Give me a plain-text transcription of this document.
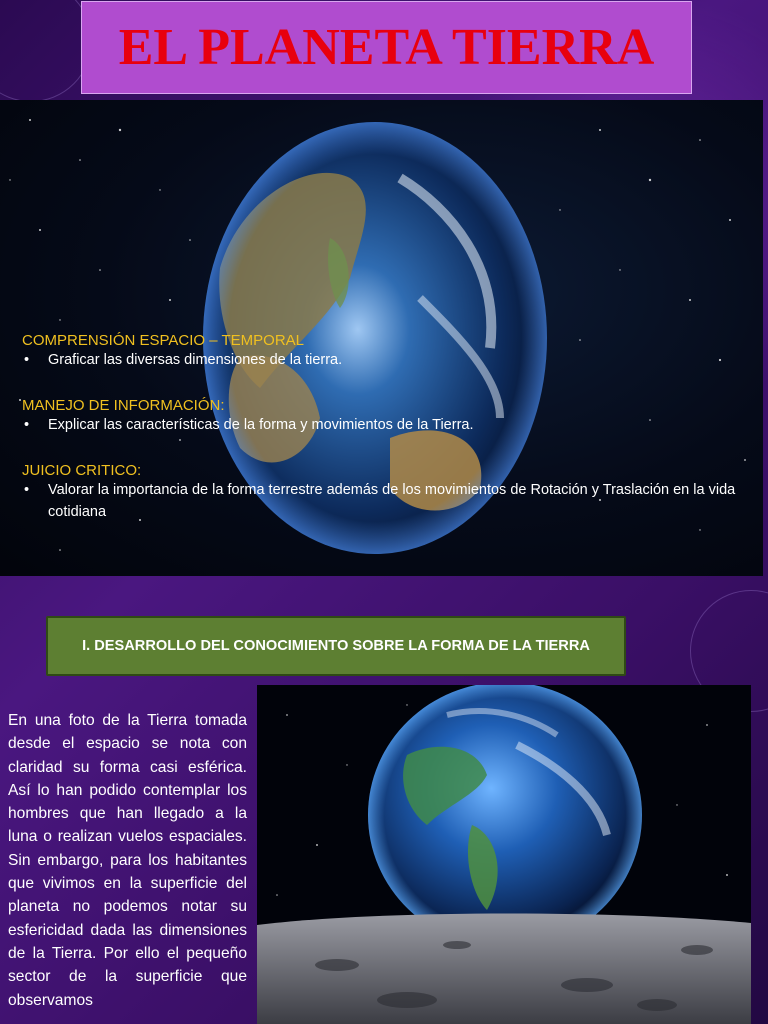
EL PLANETA TIERRA
COMPRENSIÓN ESPACIO – TEMPORAL
•	Graficar las diversas dimensiones de la tierra.
MANEJO DE INFORMACIÓN:
•	Explicar las características de la forma y movimientos de la Tierra.
JUICIO CRITICO:
•	Valorar la importancia de la forma terrestre además de los movimientos de Rotación y Traslación en la vida cotidiana
I. DESARROLLO DEL CONOCIMIENTO SOBRE LA FORMA DE LA TIERRA
En una foto de la Tierra tomada desde el espacio se nota con claridad su forma casi esférica. Así lo han podido contemplar los hombres que han llegado a la luna o realizan vuelos espaciales. Sin embargo, para los habitantes que vivimos en la superficie del planeta no podemos notar su esfericidad dada las dimensiones de la Tierra. Por ello el pequeño sector de la superficie que observamos
